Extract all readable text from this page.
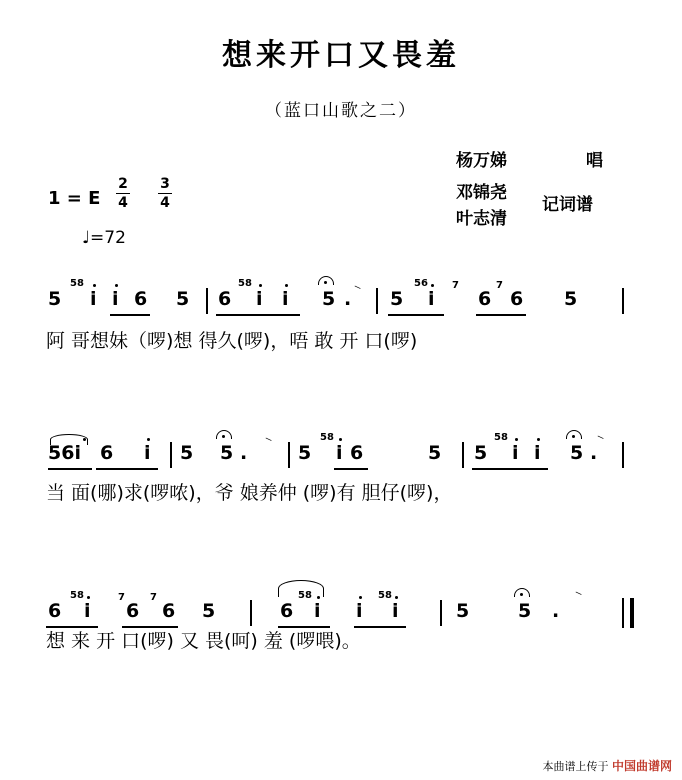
想来开口又畏羞
（蓝口山歌之二）
杨万娣	唱
邓锦尧
叶志清
记词谱
1 = E
2
4
3
4
♩=72
58
5 i i 6 5 6
58
i i 5 . ⸌ 5
56
i
7
6
7
6 5
阿 哥想妹（啰)想 得久(啰)，唔 敢 开 口(啰)
56i 6 i 5 5 . ⸌ 5
58
i 6	5 5
58
i i 5 .
⸌
当 面(哪)求(啰哝)，爷 娘养仲 (啰)有 胆仔(啰)，
6
58
i
7
6
7
6 5	6
58
i i
58
i	5	5 .
⸌
想 来 开 口(啰) 又 畏(呵) 羞 (啰喂)。
本曲谱上传于 中国曲谱网
